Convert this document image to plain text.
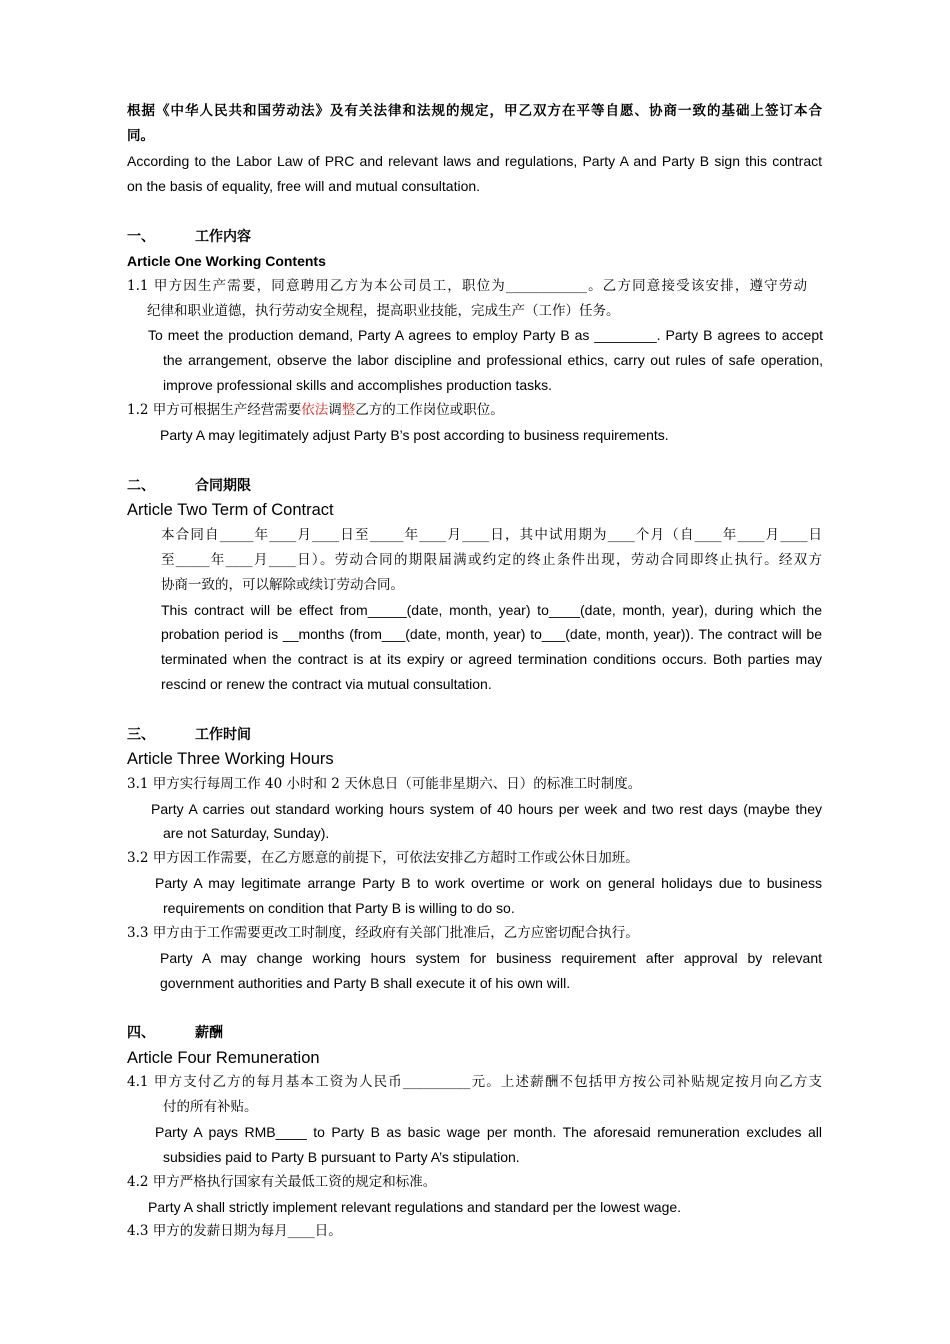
根据《中华人民共和国劳动法》及有关法律和法规的规定，甲乙双方在平等自愿、协商一致的基础上签订本合

同。

According to the Labor Law of PRC and relevant laws and regulations, Party A and Party B sign this contract

on the basis of equality, free will and mutual consultation.

一、	工作内容

Article One Working Contents

1.1 甲方因生产需要，同意聘用乙方为本公司员工，职位为____________。乙方同意接受该安排，遵守劳动

纪律和职业道德，执行劳动安全规程，提高职业技能，完成生产（工作）任务。

To meet the production demand, Party A agrees to employ Party B as ________. Party B agrees to accept

the arrangement, observe the labor discipline and professional ethics, carry out rules of safe operation,

improve professional skills and accomplishes production tasks.

1.2 甲方可根据生产经营需要依法调整乙方的工作岗位或职位。

Party A may legitimately adjust Party B’s post according to business requirements.

二、	合同期限

Article Two Term of Contract

本合同自_____年____月____日至_____年____月____日，其中试用期为____个月（自____年____月____日

至_____年____月____日）。劳动合同的期限届满或约定的终止条件出现，劳动合同即终止执行。经双方

协商一致的，可以解除或续订劳动合同。

This contract will be effect from_____(date, month, year) to____(date, month, year), during which the

probation period is __months (from___(date, month, year) to___(date, month, year)). The contract will be

terminated when the contract is at its expiry or agreed termination conditions occurs. Both parties may

rescind or renew the contract via mutual consultation.

三、	工作时间

Article Three Working Hours

3.1 甲方实行每周工作 40 小时和 2 天休息日（可能非星期六、日）的标准工时制度。

Party A carries out standard working hours system of 40 hours per week and two rest days (maybe they

are not Saturday, Sunday).

3.2 甲方因工作需要，在乙方愿意的前提下，可依法安排乙方超时工作或公休日加班。

Party A may legitimate arrange Party B to work overtime or work on general holidays due to business

requirements on condition that Party B is willing to do so.

3.3 甲方由于工作需要更改工时制度，经政府有关部门批准后，乙方应密切配合执行。

Party A may change working hours system for business requirement after approval by relevant

government authorities and Party B shall execute it of his own will.

四、	薪酬

Article Four Remuneration

4.1 甲方支付乙方的每月基本工资为人民币__________元。上述薪酬不包括甲方按公司补贴规定按月向乙方支

付的所有补贴。

Party A pays RMB____ to Party B as basic wage per month. The aforesaid remuneration excludes all

subsidies paid to Party B pursuant to Party A’s stipulation.

4.2 甲方严格执行国家有关最低工资的规定和标准。

Party A shall strictly implement relevant regulations and standard per the lowest wage.

4.3 甲方的发薪日期为每月____日。
